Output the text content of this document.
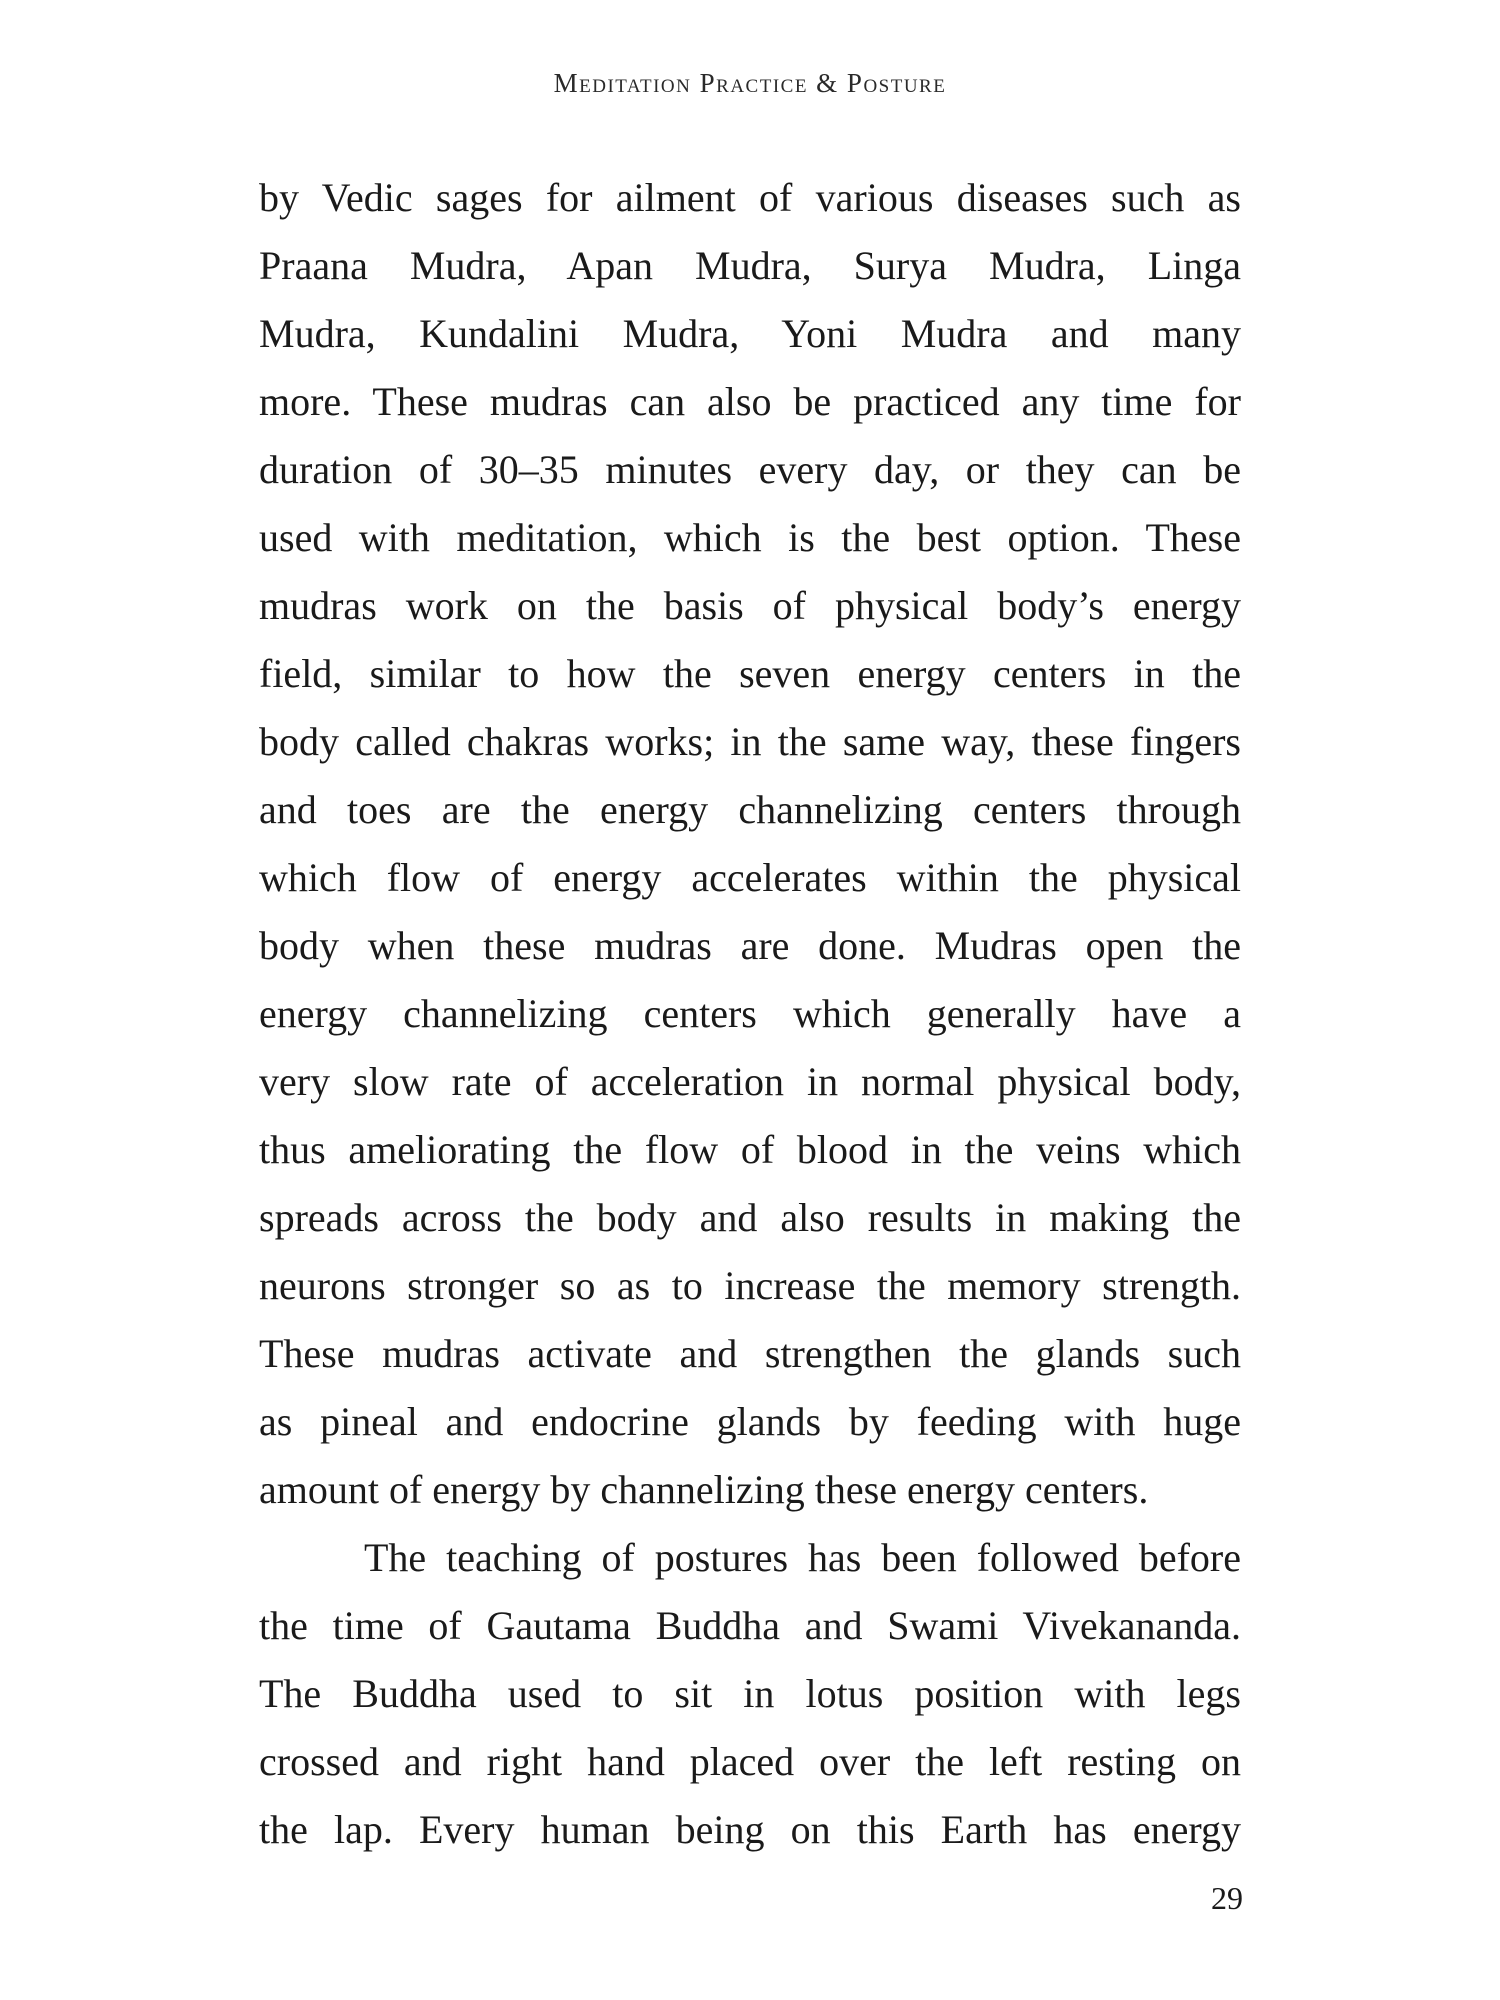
Meditation Practice & Posture
by Vedic sages for ailment of various diseases such as
Praana Mudra, Apan Mudra, Surya Mudra, Linga
Mudra, Kundalini Mudra, Yoni Mudra and many
more. These mudras can also be practiced any time for
duration of 30–35 minutes every day, or they can be
used with meditation, which is the best option. These
mudras work on the basis of physical body’s energy
field, similar to how the seven energy centers in the
body called chakras works; in the same way, these fingers
and toes are the energy channelizing centers through
which flow of energy accelerates within the physical
body when these mudras are done. Mudras open the
energy channelizing centers which generally have a
very slow rate of acceleration in normal physical body,
thus ameliorating the flow of blood in the veins which
spreads across the body and also results in making the
neurons stronger so as to increase the memory strength.
These mudras activate and strengthen the glands such
as pineal and endocrine glands by feeding with huge
amount of energy by channelizing these energy centers.
The teaching of postures has been followed before
the time of Gautama Buddha and Swami Vivekananda.
The Buddha used to sit in lotus position with legs
crossed and right hand placed over the left resting on
the lap. Every human being on this Earth has energy
29
